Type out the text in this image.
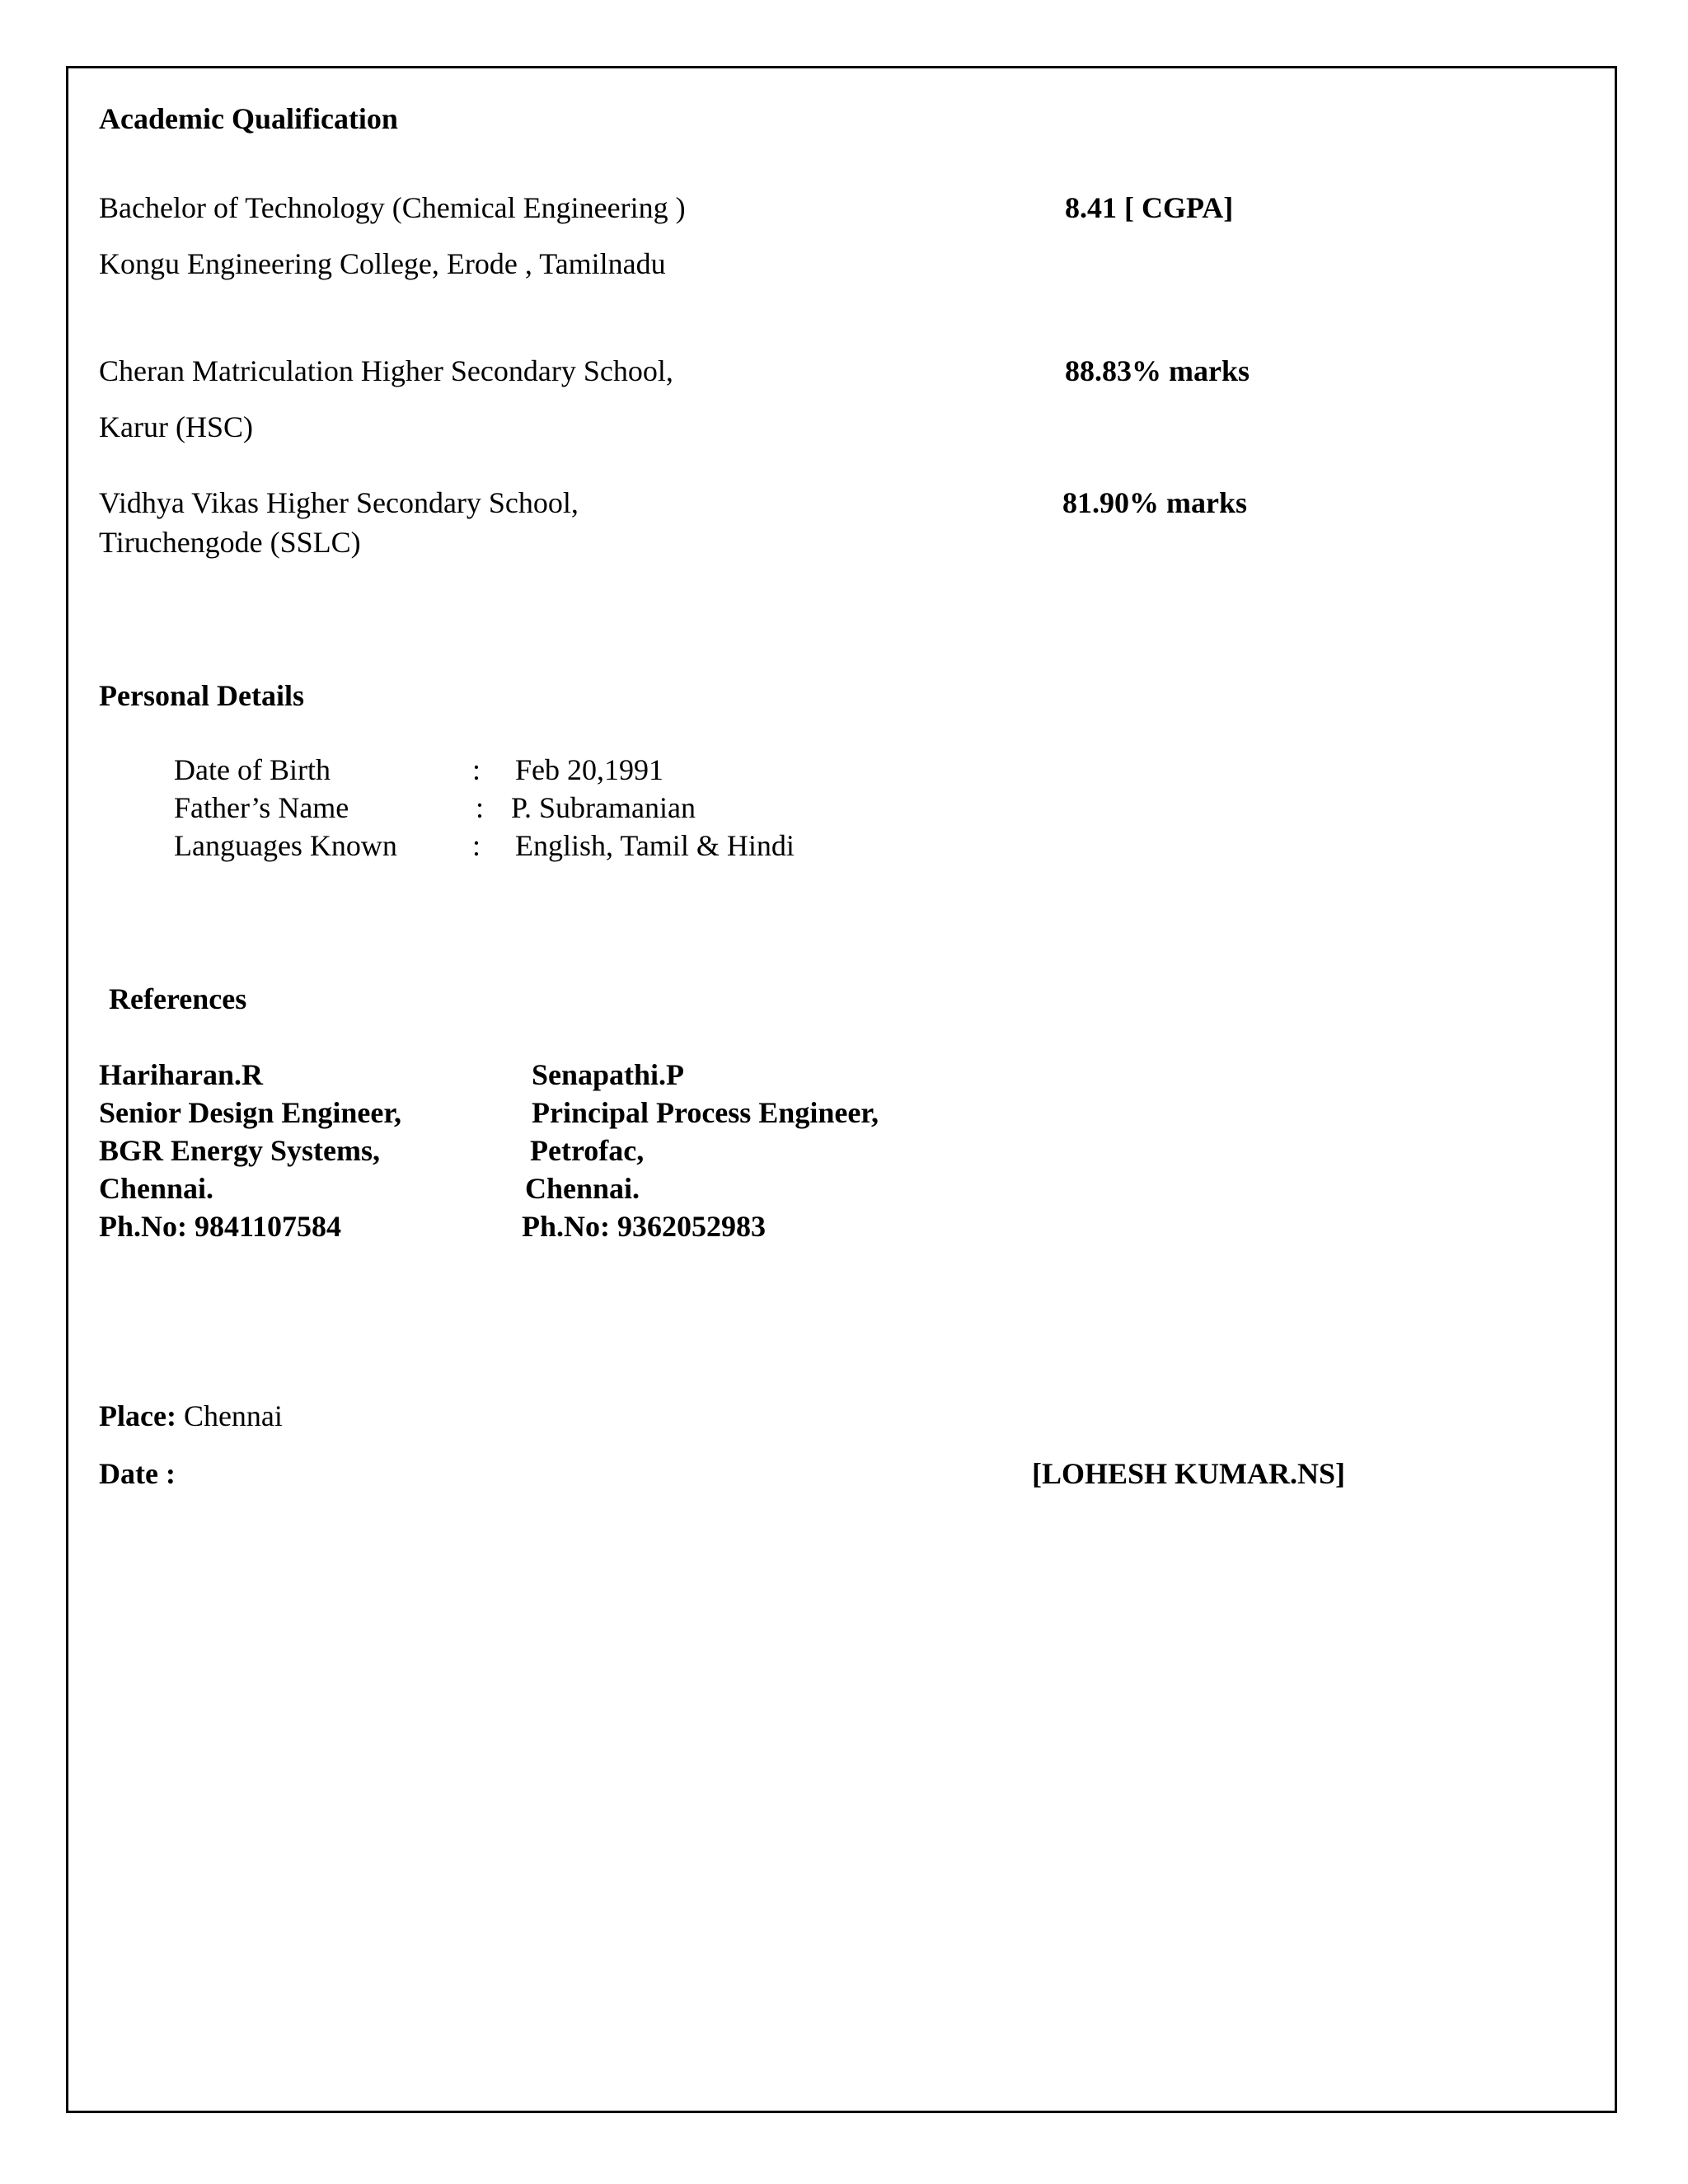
Academic Qualification
Bachelor of Technology (Chemical Engineering )	8.41 [ CGPA]
Kongu Engineering College, Erode , Tamilnadu
Cheran Matriculation Higher Secondary School,	88.83% marks
Karur (HSC)
Vidhya Vikas Higher Secondary School,	81.90% marks
Tiruchengode (SSLC)
Personal Details
Date of Birth	: Feb 20,1991
Father’s Name	: P. Subramanian
Languages Known	: English, Tamil & Hindi
References
Hariharan.R
Senior Design Engineer,
BGR Energy Systems,
Chennai.
Ph.No: 9841107584
Senapathi.P
Principal Process Engineer,
Petrofac,
Chennai.
Ph.No: 9362052983
Place: Chennai
Date :	[LOHESH KUMAR.NS]
